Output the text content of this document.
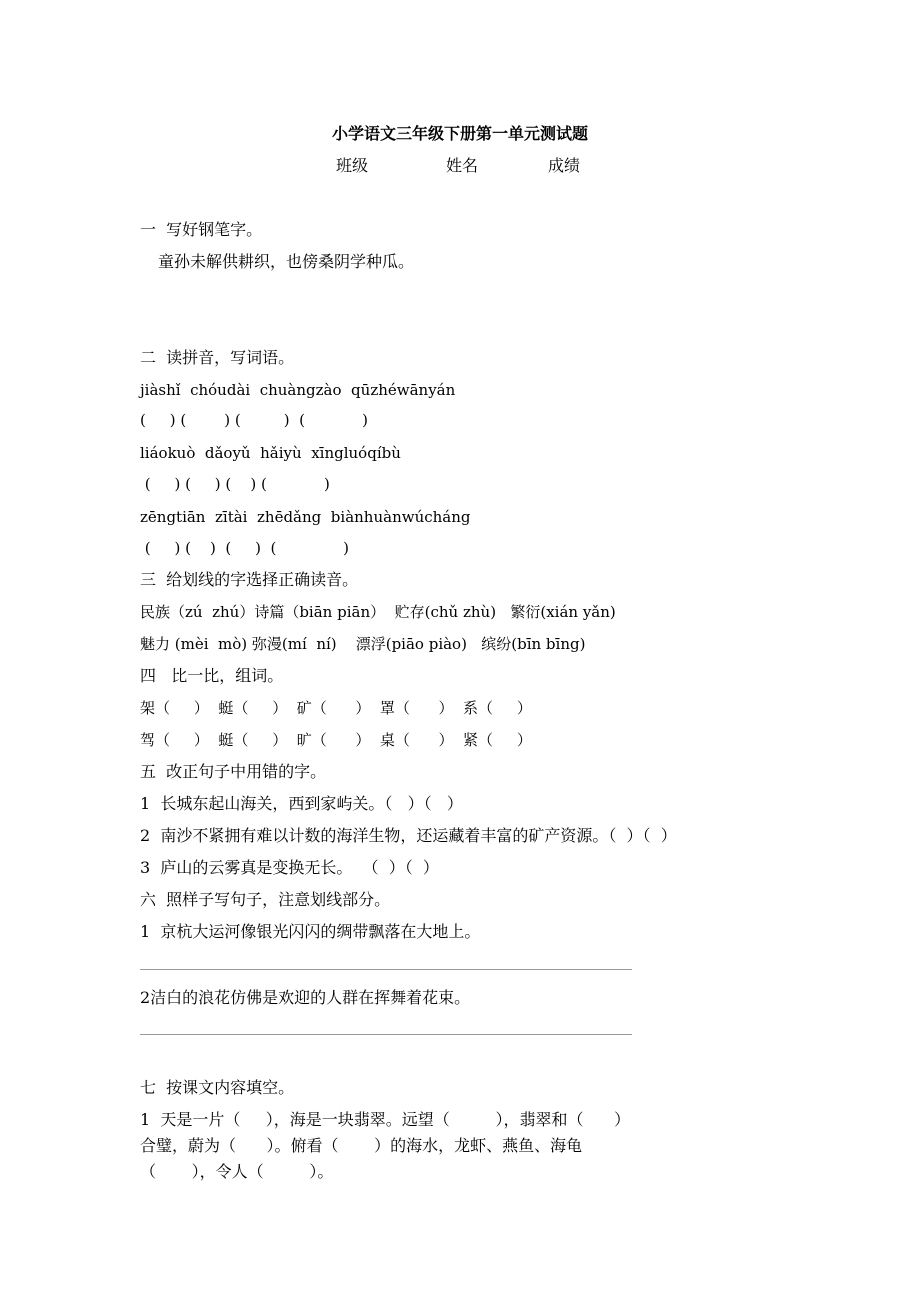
小学语文三年级下册第一单元测试题
班级	姓名	成绩
一  写好钢笔字。
童孙未解供耕织，也傍桑阴学种瓜。
二  读拼音，写词语。
jiàshǐ  chóudài  chuàngzào  qūzhéwānyán
(     ) (        ) (         )  (            )
liáokuò  dǎoyǔ  hǎiyù  xīngluóqíbù
(     ) (     ) (    ) (            )
zēngtiān  zītài  zhēdǎng  biànhuànwúcháng
(     ) (    )  (     )  (              )
三  给划线的字选择正确读音。
民族（zú  zhú）诗篇（biān piān）  贮存(chǔ zhù)   繁衍(xián yǎn)
魅力 (mèi  mò) 弥漫(mí  ní)    漂浮(piāo piào)   缤纷(bīn bīng)
四   比一比，组词。
架（     ）  蜓（     ）  矿（      ）  罩（      ）  系（     ）
驾（     ）  蜓（     ）  旷（      ）  桌（      ）  紧（     ）
五  改正句子中用错的字。
1  长城东起山海关，西到家屿关。（   ）（   ）
2  南沙不紧拥有难以计数的海洋生物，还运藏着丰富的矿产资源。（  ）（  ）
3  庐山的云雾真是变换无长。  （  ）（  ）
六  照样子写句子，注意划线部分。
1  京杭大运河像银光闪闪的绸带飘落在大地上。
2洁白的浪花仿佛是欢迎的人群在挥舞着花束。
七  按课文内容填空。
1  天是一片（     ），海是一块翡翠。远望（         ），翡翠和（      ）
合璧，蔚为（      ）。俯看（       ）的海水，龙虾、燕鱼、海龟
（       ），令人（         ）。
